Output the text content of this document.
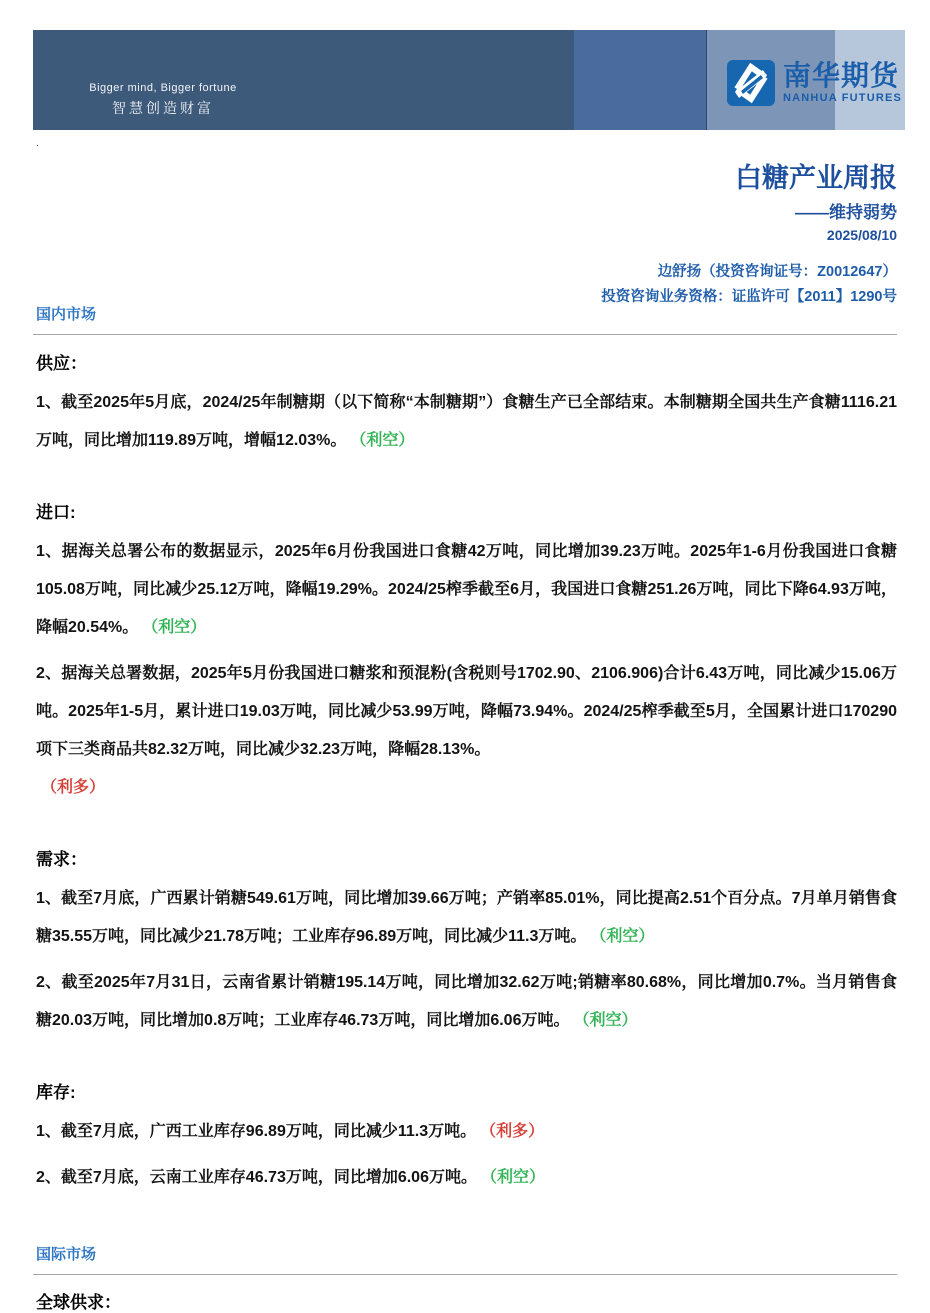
Bigger mind, Bigger fortune
智慧创造财富
南华期货
NANHUA FUTURES
.
白糖产业周报
——维持弱势
2025/08/10
边舒扬（投资咨询证号：Z0012647）
投资咨询业务资格：证监许可【2011】1290号
国内市场
供应：

1、截至2025年5月底，2024/25年制糖期（以下简称“本制糖期”）食糖生产已全部结束。本制糖期全国共生产食糖1116.21万吨，同比增加119.89万吨，增幅12.03%。 （利空）

进口:

1、据海关总署公布的数据显示，2025年6月份我国进口食糖42万吨，同比增加39.23万吨。2025年1-6月份我国进口食糖105.08万吨，同比减少25.12万吨，降幅19.29%。2024/25榨季截至6月，我国进口食糖251.26万吨，同比下降64.93万吨，降幅20.54%。 （利空）

2、据海关总署数据，2025年5月份我国进口糖浆和预混粉(含税则号1702.90、2106.906)合计6.43万吨，同比减少15.06万吨。2025年1-5月，累计进口19.03万吨，同比减少53.99万吨，降幅73.94%。2024/25榨季截至5月，全国累计进口170290项下三类商品共82.32万吨，同比减少32.23万吨，降幅28.13%。

（利多）

需求：

1、截至7月底，广西累计销糖549.61万吨，同比增加39.66万吨；产销率85.01%，同比提高2.51个百分点。7月单月销售食糖35.55万吨，同比减少21.78万吨；工业库存96.89万吨，同比减少11.3万吨。 （利空）

2、截至2025年7月31日，云南省累计销糖195.14万吨，同比增加32.62万吨;销糖率80.68%，同比增加0.7%。当月销售食糖20.03万吨，同比增加0.8万吨；工业库存46.73万吨，同比增加6.06万吨。 （利空）

库存:

1、截至7月底，广西工业库存96.89万吨，同比减少11.3万吨。 （利多）

2、截至7月底，云南工业库存46.73万吨，同比增加6.06万吨。 （利空）

国际市场
全球供求：
